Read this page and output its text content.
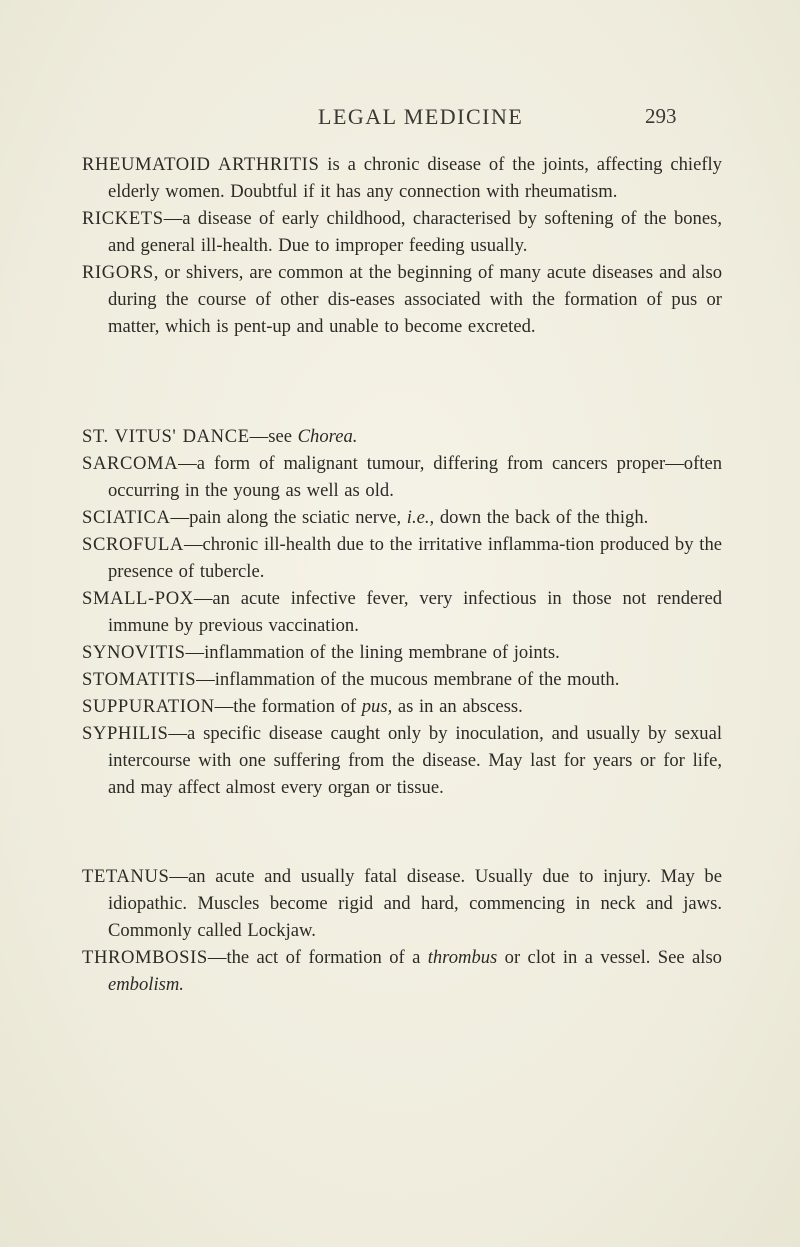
LEGAL MEDICINE	293

RHEUMATOID ARTHRITIS is a chronic disease of the joints, affecting chiefly elderly women. Doubtful if it has any connection with rheumatism.

RICKETS — a disease of early childhood, characterised by softening of the bones, and general ill-health. Due to improper feeding usually.

RIGORS, or shivers, are common at the beginning of many acute diseases and also during the course of other dis-eases associated with the formation of pus or matter, which is pent-up and unable to become excreted.

ST. VITUS' DANCE — see Chorea.

SARCOMA — a form of malignant tumour, differing from cancers proper—often occurring in the young as well as old.

SCIATICA — pain along the sciatic nerve, i.e., down the back of the thigh.

SCROFULA — chronic ill-health due to the irritative inflamma-tion produced by the presence of tubercle.

SMALL-POX — an acute infective fever, very infectious in those not rendered immune by previous vaccination.

SYNOVITIS — inflammation of the lining membrane of joints.

STOMATITIS — inflammation of the mucous membrane of the mouth.

SUPPURATION — the formation of pus, as in an abscess.

SYPHILIS — a specific disease caught only by inoculation, and usually by sexual intercourse with one suffering from the disease. May last for years or for life, and may affect almost every organ or tissue.

TETANUS — an acute and usually fatal disease. Usually due to injury. May be idiopathic. Muscles become rigid and hard, commencing in neck and jaws. Commonly called Lockjaw.

THROMBOSIS — the act of formation of a thrombus or clot in a vessel. See also embolism.
